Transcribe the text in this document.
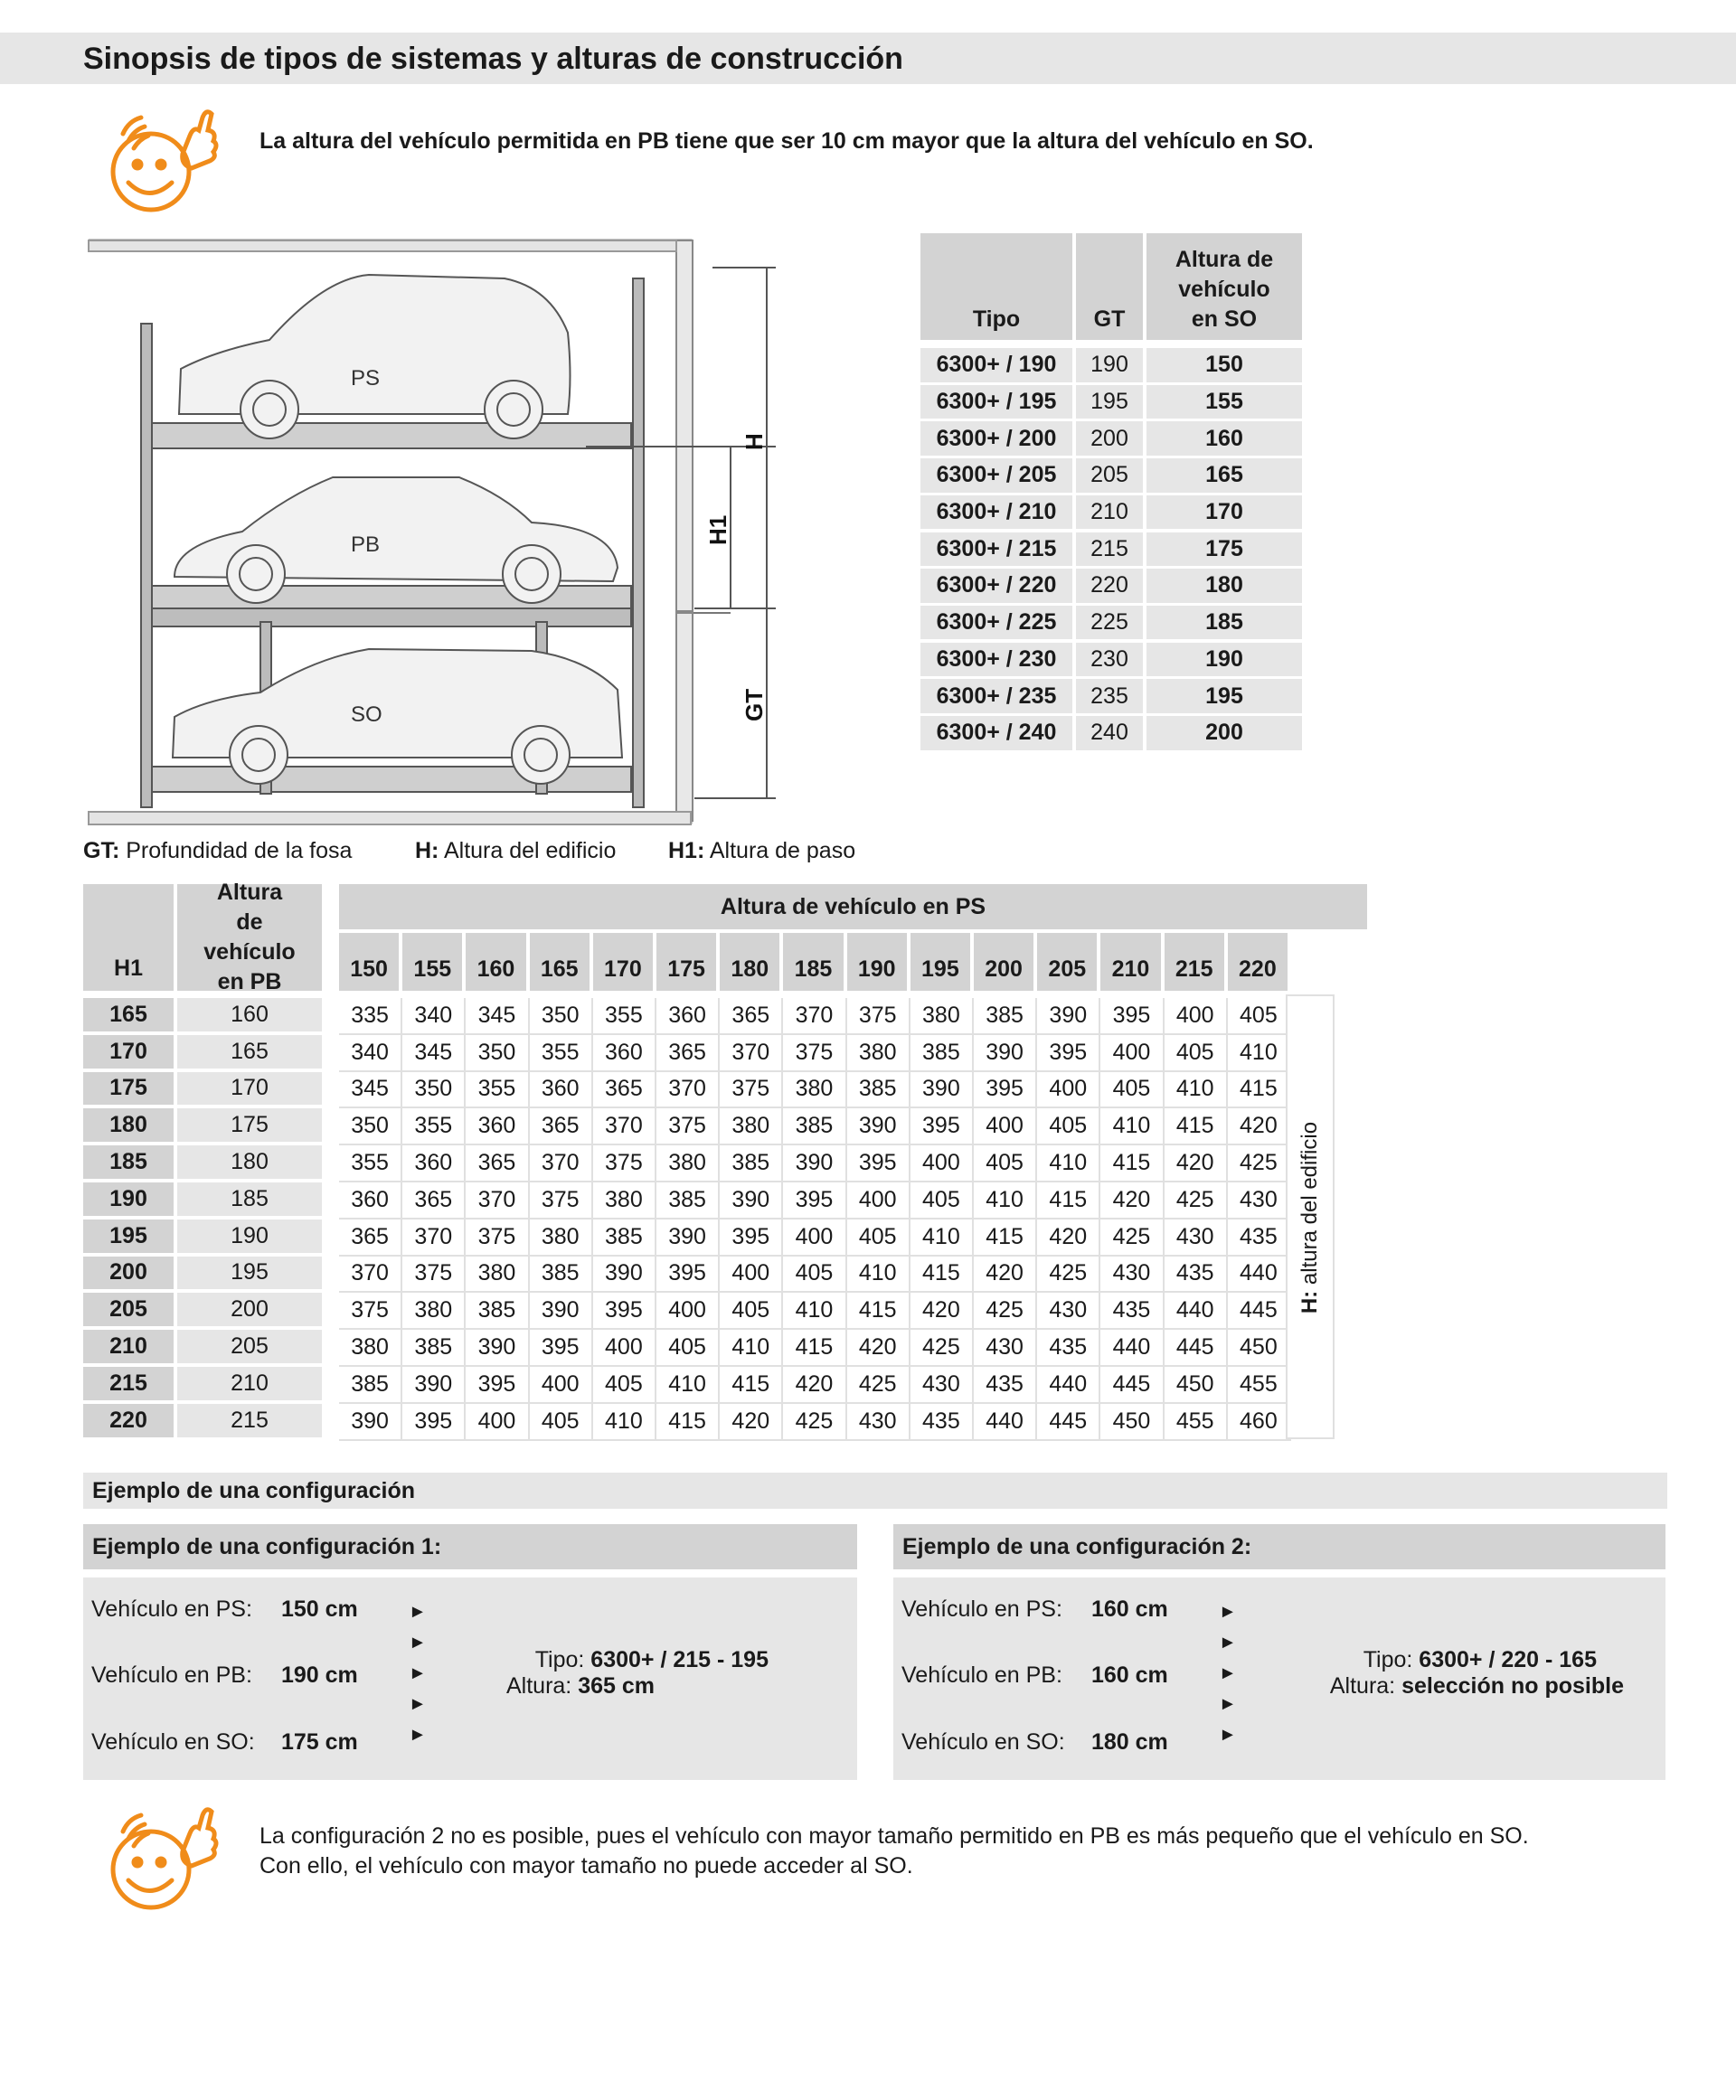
Sinopsis de tipos de sistemas y alturas de construcción
La altura del vehículo permitida en PB tiene que ser 10 cm mayor que la altura del vehículo en SO.
PS
PB
SO
H
H1
GT
GT: Profundidad de la fosa	H: Altura del edificio H1: Altura de paso
Tipo	GT
Altura de vehículo en SO
6300+ / 190	190	150
6300+ / 195	195	155
6300+ / 200	200	160
6300+ / 205	205	165
6300+ / 210	210	170
6300+ / 215	215	175
6300+ / 220	220	180
6300+ / 225	225	185
6300+ / 230	230	190
6300+ / 235	235	195
6300+ / 240	240	200
H1
Altura de vehículo en PB
Altura de vehículo en PS
150	155	160	165	170	175	180	185	190	195	200	205	210	215	220
165	160	335	340	345	350	355	360	365	370	375	380	385	390	395	400	405
170	165	340	345	350	355	360	365	370	375	380	385	390	395	400	405	410
175	170	345	350	355	360	365	370	375	380	385	390	395	400	405	410	415
180	175	350	355	360	365	370	375	380	385	390	395	400	405	410	415	420
185	180	355	360	365	370	375	380	385	390	395	400	405	410	415	420	425
190	185	360	365	370	375	380	385	390	395	400	405	410	415	420	425	430
195	190	365	370	375	380	385	390	395	400	405	410	415	420	425	430	435
200	195	370	375	380	385	390	395	400	405	410	415	420	425	430	435	440
205	200	375	380	385	390	395	400	405	410	415	420	425	430	435	440	445
210	205	380	385	390	395	400	405	410	415	420	425	430	435	440	445	450
215	210	385	390	395	400	405	410	415	420	425	430	435	440	445	450	455
220	215	390	395	400	405	410	415	420	425	430	435	440	445	450	455	460
H: altura del edificio
Ejemplo de una configuración
Ejemplo de una configuración 1:
Vehículo en PS: 150 cm
Vehículo en PB: 190 cm
Vehículo en SO: 175 cm
Tipo: 6300+ / 215 - 195
Altura: 365 cm
Ejemplo de una configuración 2:
Vehículo en PS: 160 cm
Vehículo en PB: 160 cm
Vehículo en SO: 180 cm
Tipo: 6300+ / 220 - 165
Altura: selección no posible
►
►
►
►
►
►
►
►
►
►
La configuración 2 no es posible, pues el vehículo con mayor tamaño permitido en PB es más pequeño que el vehículo en SO.
Con ello, el vehículo con mayor tamaño no puede acceder al SO.
